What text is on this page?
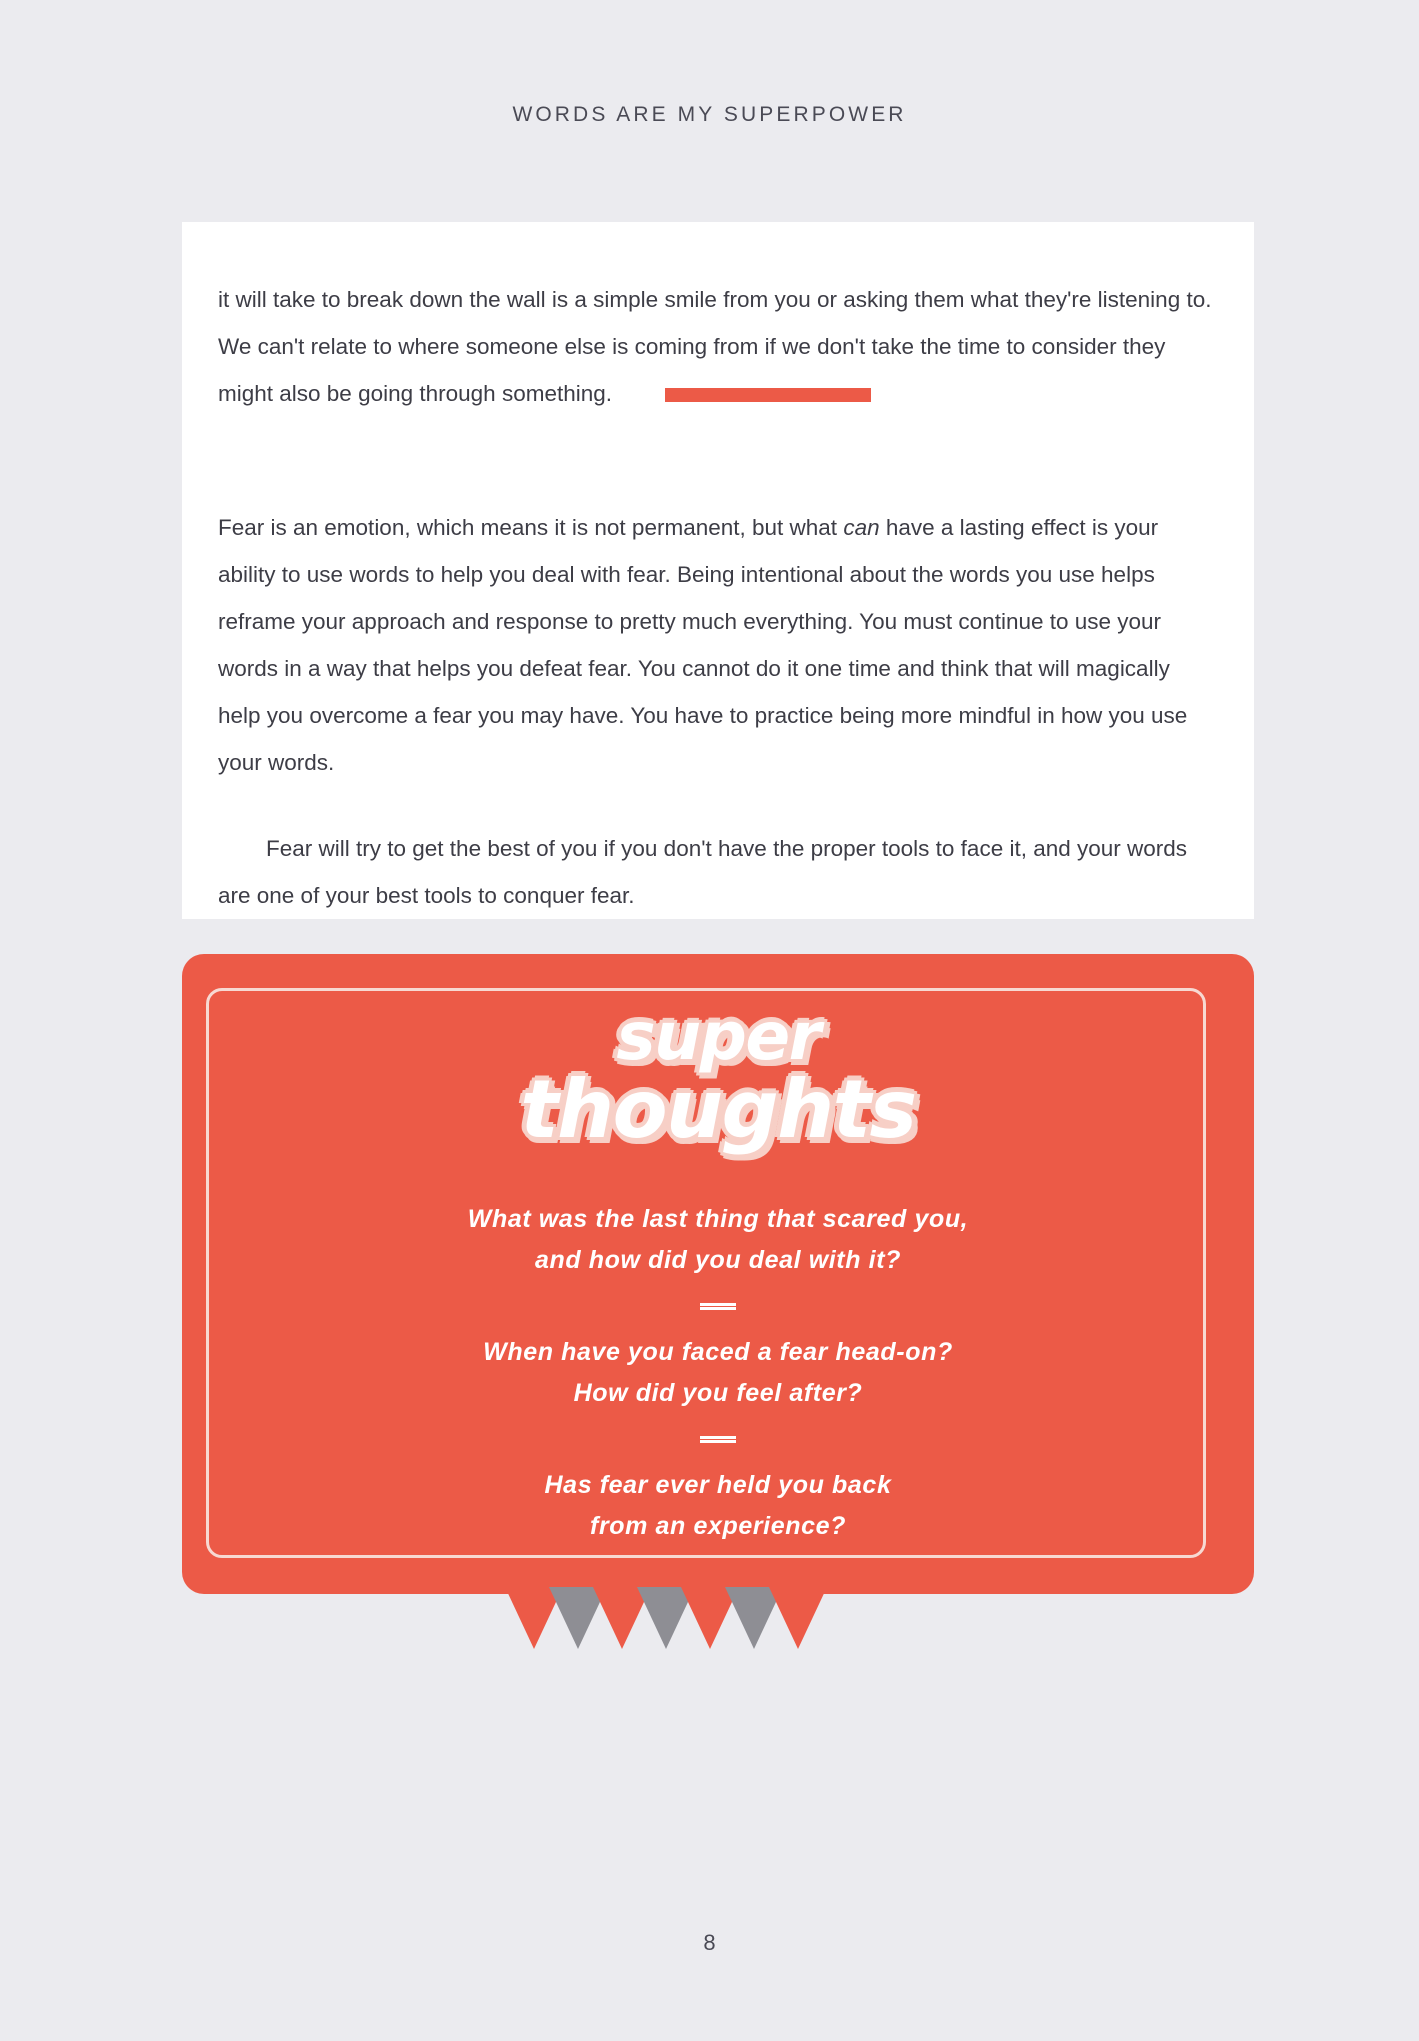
WORDS ARE MY SUPERPOWER

it will take to break down the wall is a simple smile from you or asking them what they're listening to. We can't relate to where someone else is coming from if we don't take the time to consider they might also be going through something.

Fear is an emotion, which means it is not permanent, but what can have a lasting effect is your ability to use words to help you deal with fear. Being intentional about the words you use helps reframe your approach and response to pretty much everything. You must continue to use your words in a way that helps you defeat fear. You cannot do it one time and think that will magically help you overcome a fear you may have. You have to practice being more mindful in how you use your words.

Fear will try to get the best of you if you don't have the proper tools to face it, and your words are one of your best tools to conquer fear.

super
thoughts
What was the last thing that scared you,
and how did you deal with it?
When have you faced a fear head-on?
How did you feel after?
Has fear ever held you back
from an experience?
8
